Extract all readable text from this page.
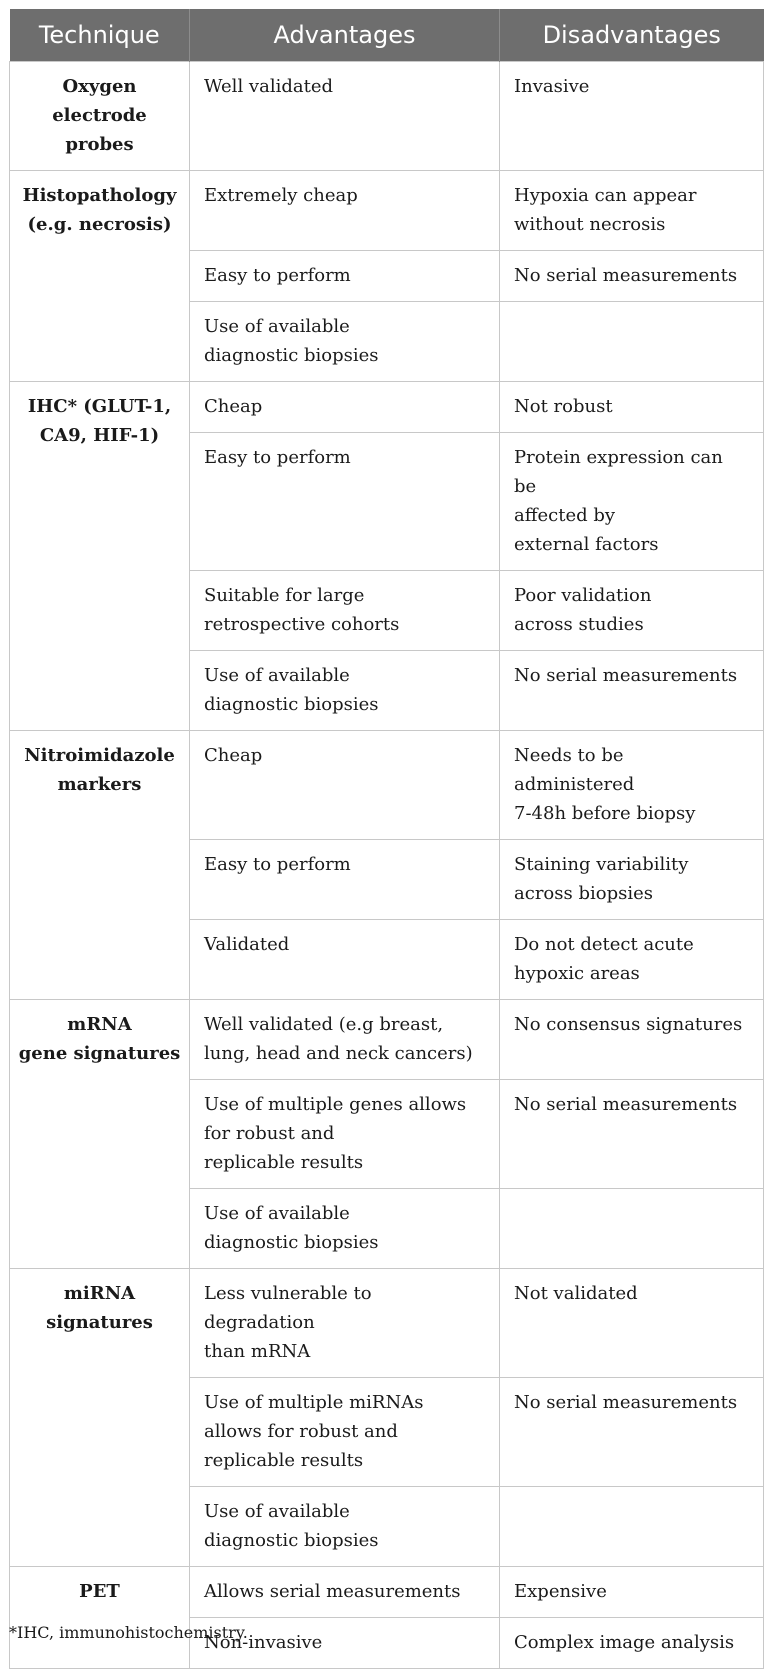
Technique	Advantages	Disadvantages

Oxygen
electrode
probes	Well validated	Invasive

Histopathology
(e.g. necrosis)	Extremely cheap	Hypoxia can appear
without necrosis

	Easy to perform	No serial measurements

	Use of available
diagnostic biopsies	

IHC* (GLUT-1,
CA9, HIF-1)	Cheap	Not robust

	Easy to perform	Protein expression can be
affected by
external factors

	Suitable for large
retrospective cohorts	Poor validation
across studies

	Use of available
diagnostic biopsies	No serial measurements

Nitroimidazole
markers	Cheap	Needs to be administered
7-48h before biopsy

	Easy to perform	Staining variability
across biopsies

	Validated	Do not detect acute
hypoxic areas

mRNA
gene signatures	Well validated (e.g breast,
lung, head and neck cancers)	No consensus signatures

	Use of multiple genes allows
for robust and
replicable results	No serial measurements

	Use of available
diagnostic biopsies	

miRNA
signatures	Less vulnerable to degradation
than mRNA	Not validated

	Use of multiple miRNAs
allows for robust and
replicable results	No serial measurements

	Use of available
diagnostic biopsies	

PET	Allows serial measurements	Expensive

	Non-invasive	Complex image analysis
*IHC, immunohistochemistry.
